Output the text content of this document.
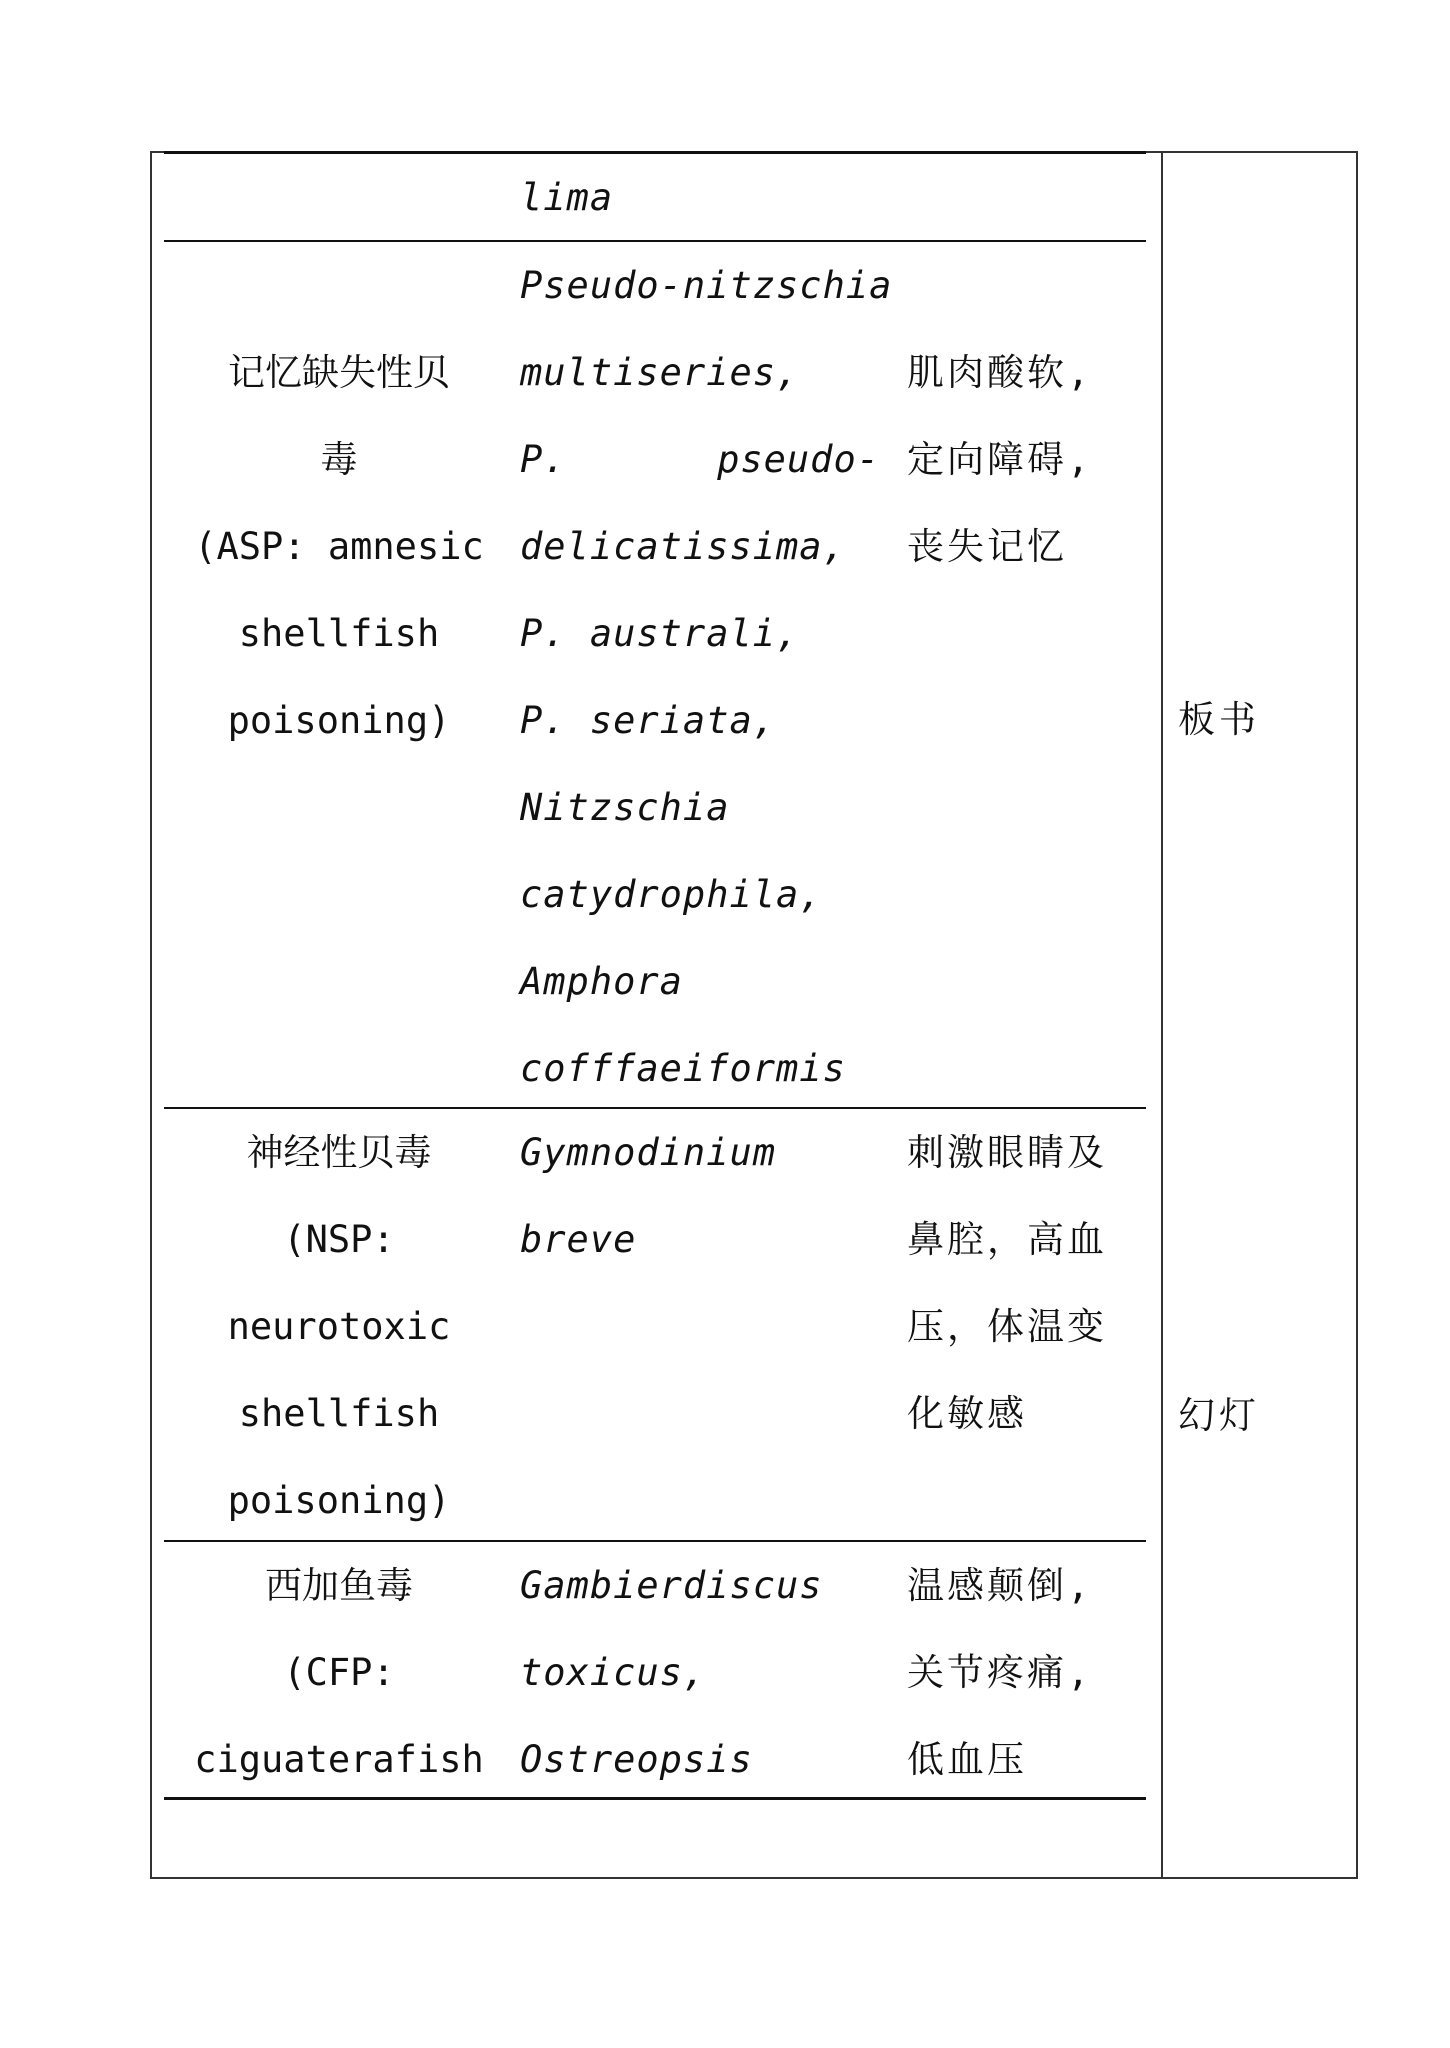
lima
记忆缺失性贝
毒
(ASP: amnesic
shellfish
poisoning)
Pseudo-nitzschia
multiseries,
P.	pseudo-
delicatissima,
P. australi,
P. seriata,
Nitzschia
catydrophila,
Amphora
cofffaeiformis
肌肉酸软,
定向障碍,
丧失记忆
神经性贝毒
(NSP:
neurotoxic
shellfish
poisoning)
Gymnodinium
breve
刺激眼睛及
鼻腔，高血
压，体温变
化敏感
西加鱼毒
(CFP:
ciguaterafish
Gambierdiscus
toxicus,
Ostreopsis
温感颠倒,
关节疼痛,
低血压
板书
幻灯
